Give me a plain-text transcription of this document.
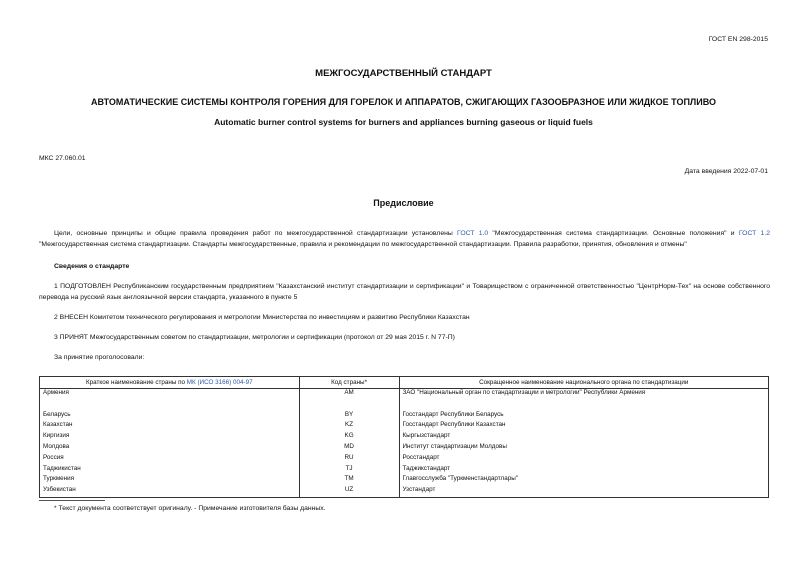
ГОСТ EN 298-2015
МЕЖГОСУДАРСТВЕННЫЙ СТАНДАРТ
АВТОМАТИЧЕСКИЕ СИСТЕМЫ КОНТРОЛЯ ГОРЕНИЯ ДЛЯ ГОРЕЛОК И АППАРАТОВ, СЖИГАЮЩИХ ГАЗООБРАЗНОЕ ИЛИ ЖИДКОЕ ТОПЛИВО
Automatic burner control systems for burners and appliances burning gaseous or liquid fuels
МКС 27.060.01
Дата введения 2022-07-01
Предисловие
Цели, основные принципы и общие правила проведения работ по межгосударственной стандартизации установлены ГОСТ 1.0 "Межгосударственная система стандартизации. Основные положения" и ГОСТ 1.2 "Межгосударственная система стандартизации. Стандарты межгосударственные, правила и рекомендации по межгосударственной стандартизации. Правила разработки, принятия, обновления и отмены"
Сведения о стандарте
1 ПОДГОТОВЛЕН Республиканским государственным предприятием "Казахстанский институт стандартизации и сертификации" и Товариществом с ограниченной ответственностью "ЦентрНорм-Тех" на основе собственного перевода на русский язык англоязычной версии стандарта, указанного в пункте 5
2 ВНЕСЕН Комитетом технического регулирования и метрологии Министерства по инвестициям и развитию Республики Казахстан
3 ПРИНЯТ Межгосударственным советом по стандартизации, метрологии и сертификации (протокол от 29 мая 2015 г. N 77-П)
За принятие проголосовали:
Краткое наименование страны по МК (ИСО 3166) 004-97	Код страны*	Сокращенное наименование национального органа по стандартизации
Армения	AM	ЗАО "Национальный орган по стандартизации и метрологии" Республики Армения

Беларусь	BY	Госстандарт Республики Беларусь
Казахстан	KZ	Госстандарт Республики Казахстан
Киргизия	KG	Кыргызстандарт
Молдова	MD	Институт стандартизации Молдовы
Россия	RU	Росстандарт
Таджикистан	TJ	Таджикстандарт
Туркмения	TM	Главгосслужба "Туркменстандартлары"
Узбекистан	UZ	Узстандарт
* Текст документа соответствует оригиналу. - Примечание изготовителя базы данных.
